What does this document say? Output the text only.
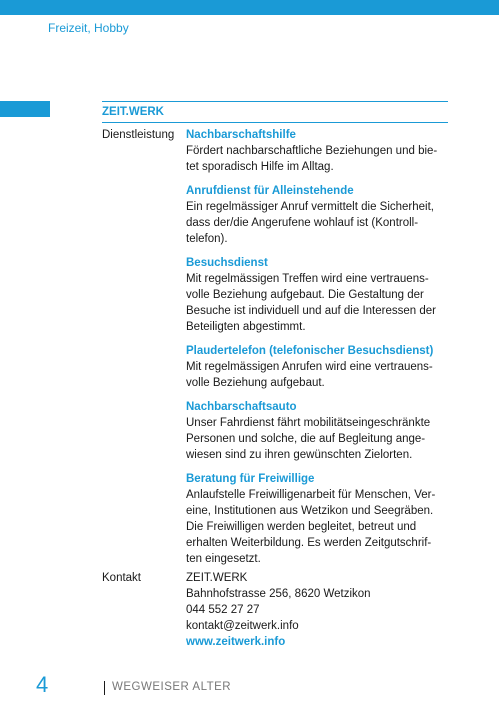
Freizeit, Hobby
ZEIT.WERK
Dienstleistung Nachbarschaftshilfe
Fördert nachbarschaftliche Beziehungen und bie-
tet sporadisch Hilfe im Alltag.
Anrufdienst für Alleinstehende
Ein regelmässiger Anruf vermittelt die Sicherheit,
dass der/die Angerufene wohlauf ist (Kontroll-
telefon).
Besuchsdienst
Mit regelmässigen Treffen wird eine vertrauens-
volle Beziehung aufgebaut. Die Gestaltung der
Besuche ist individuell und auf die Interessen der
Beteiligten abgestimmt.
Plaudertelefon (telefonischer Besuchsdienst)
Mit regelmässigen Anrufen wird eine vertrauens-
volle Beziehung aufgebaut.
Nachbarschaftsauto
Unser Fahrdienst fährt mobilitätseingeschränkte
Personen und solche, die auf Begleitung ange-
wiesen sind zu ihren gewünschten Zielorten.
Beratung für Freiwillige
Anlaufstelle Freiwilligenarbeit für Menschen, Ver-
eine, Institutionen aus Wetzikon und Seegräben.
Die Freiwilligen werden begleitet, betreut und
erhalten Weiterbildung. Es werden Zeitgutschrif-
ten eingesetzt.
Kontakt	ZEIT.WERK
Bahnhofstrasse 256, 8620 Wetzikon
044 552 27 27
kontakt@zeitwerk.info
www.zeitwerk.info
4	WEGWEISER ALTER
